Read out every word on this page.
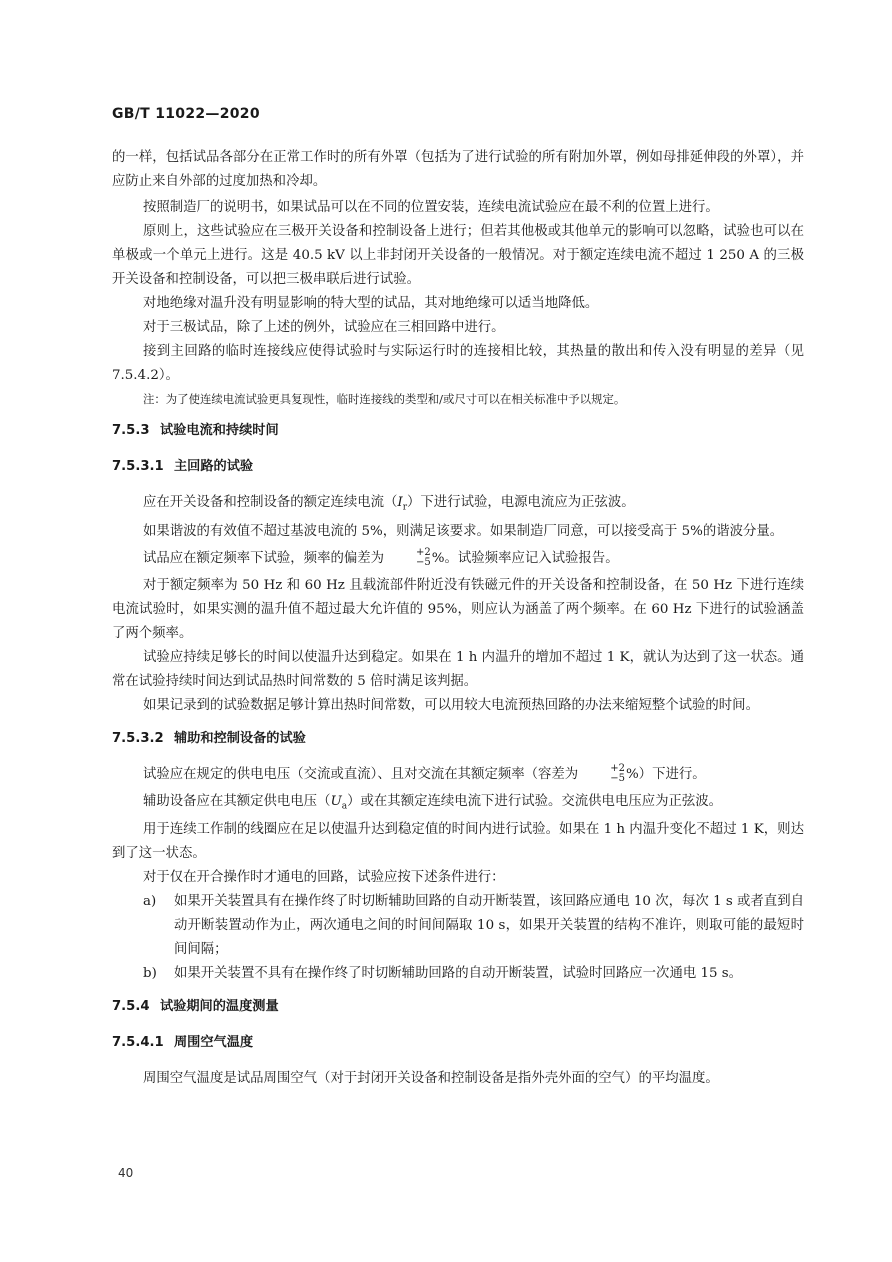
GB/T 11022—2020

的一样，包括试品各部分在正常工作时的所有外罩（包括为了进行试验的所有附加外罩，例如母排延伸段的外罩），并应防止来自外部的过度加热和冷却。

按照制造厂的说明书，如果试品可以在不同的位置安装，连续电流试验应在最不利的位置上进行。

原则上，这些试验应在三极开关设备和控制设备上进行；但若其他极或其他单元的影响可以忽略，试验也可以在单极或一个单元上进行。这是 40.5 kV 以上非封闭开关设备的一般情况。对于额定连续电流不超过 1 250 A 的三极开关设备和控制设备，可以把三极串联后进行试验。

对地绝缘对温升没有明显影响的特大型的试品，其对地绝缘可以适当地降低。

对于三极试品，除了上述的例外，试验应在三相回路中进行。

接到主回路的临时连接线应使得试验时与实际运行时的连接相比较，其热量的散出和传入没有明显的差异（见 7.5.4.2）。

注：为了使连续电流试验更具复现性，临时连接线的类型和/或尺寸可以在相关标准中予以规定。

7.5.3 试验电流和持续时间
7.5.3.1 主回路的试验

应在开关设备和控制设备的额定连续电流$(I_r)$下进行试验，电源电流应为正弦波。

如果谐波的有效值不超过基波电流的 5%，则满足该要求。如果制造厂同意，可以接受高于 5%的谐波分量。

试品应在额定频率下试验，频率的偏差为	+2
−5 %。试验频率应记入试验报告。

对于额定频率为 50 Hz 和 60 Hz 且载流部件附近没有铁磁元件的开关设备和控制设备，在 50 Hz 下进行连续电流试验时，如果实测的温升值不超过最大允许值的 95%，则应认为涵盖了两个频率。在 60 Hz 下进行的试验涵盖了两个频率。

试验应持续足够长的时间以使温升达到稳定。如果在 1 h 内温升的增加不超过 1 K，就认为达到了这一状态。通常在试验持续时间达到试品热时间常数的 5 倍时满足该判据。

如果记录到的试验数据足够计算出热时间常数，可以用较大电流预热回路的办法来缩短整个试验的时间。

7.5.3.2 辅助和控制设备的试验

试验应在规定的供电电压（交流或直流）、且对交流在其额定频率（容差为	+2
−5 %）下进行。

辅助设备应在其额定供电电压$(U_a)$或在其额定连续电流下进行试验。交流供电电压应为正弦波。

用于连续工作制的线圈应在足以使温升达到稳定值的时间内进行试验。如果在 1 h 内温升变化不超过 1 K，则达到了这一状态。

对于仅在开合操作时才通电的回路，试验应按下述条件进行：

a) 如果开关装置具有在操作终了时切断辅助回路的自动开断装置，该回路应通电 10 次，每次 1 s 或者直到自动开断装置动作为止，两次通电之间的时间间隔取 10 s，如果开关装置的结构不准许，则取可能的最短时间间隔；
b) 如果开关装置不具有在操作终了时切断辅助回路的自动开断装置，试验时回路应一次通电 15 s。
7.5.4 试验期间的温度测量
7.5.4.1 周围空气温度

周围空气温度是试品周围空气（对于封闭开关设备和控制设备是指外壳外面的空气）的平均温度。

40
